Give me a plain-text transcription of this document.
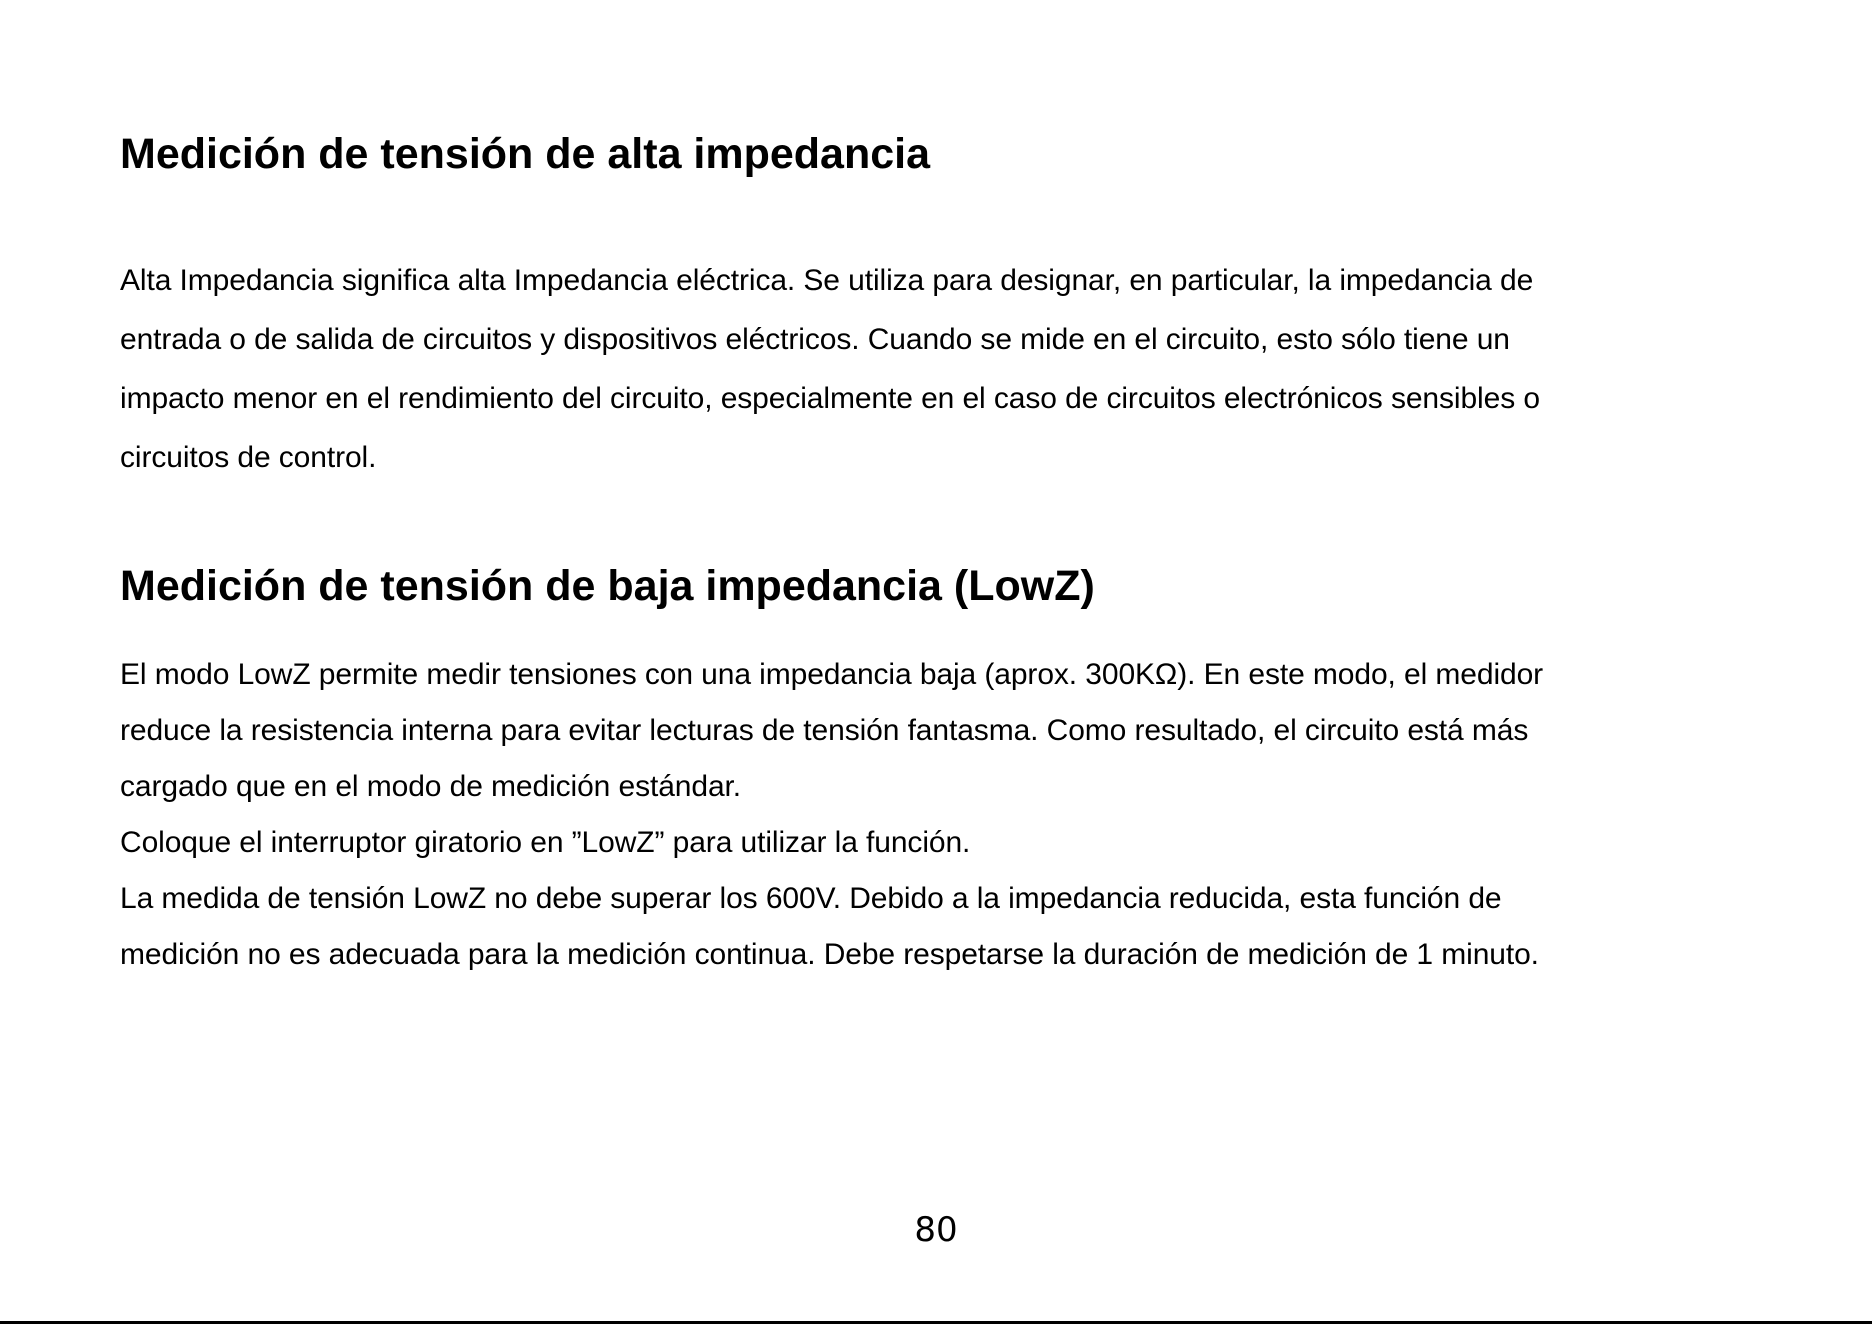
Medición de tensión de alta impedancia

Alta Impedancia significa alta Impedancia eléctrica. Se utiliza para designar, en particular, la impedancia de
entrada o de salida de circuitos y dispositivos eléctricos. Cuando se mide en el circuito, esto sólo tiene un
impacto menor en el rendimiento del circuito, especialmente en el caso de circuitos electrónicos sensibles o
circuitos de control.

Medición de tensión de baja impedancia (LowZ)

El modo LowZ permite medir tensiones con una impedancia baja (aprox. 300KΩ). En este modo, el medidor
reduce la resistencia interna para evitar lecturas de tensión fantasma. Como resultado, el circuito está más
cargado que en el modo de medición estándar.
Coloque el interruptor giratorio en ”LowZ” para utilizar la función.
La medida de tensión LowZ no debe superar los 600V. Debido a la impedancia reducida, esta función de
medición no es adecuada para la medición continua. Debe respetarse la duración de medición de 1 minuto.

80
